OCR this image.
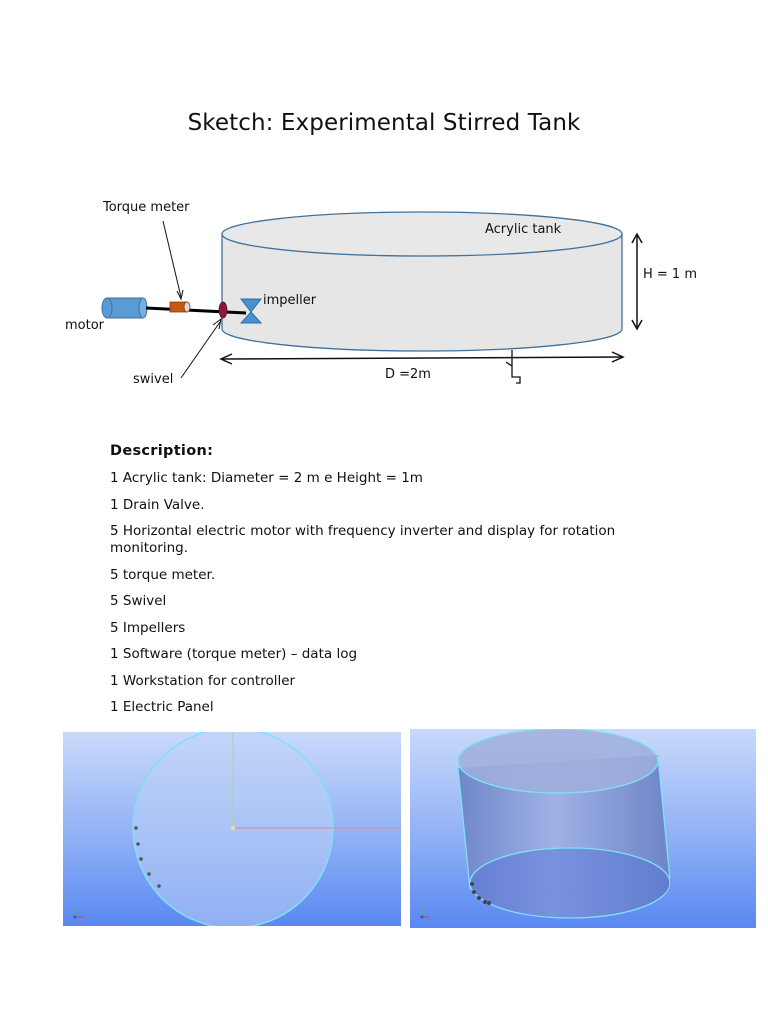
Sketch: Experimental Stirred Tank
Torque meter
motor
swivel
impeller
Acrylic tank
H = 1 m
D =2m
Description:

1 Acrylic tank: Diameter = 2 m e Height = 1m

1 Drain Valve.

5 Horizontal electric motor with frequency inverter and display for rotation monitoring.

5 torque meter.

5 Swivel

5 Impellers

1 Software (torque meter) – data log

1 Workstation for controller

1 Electric Panel
